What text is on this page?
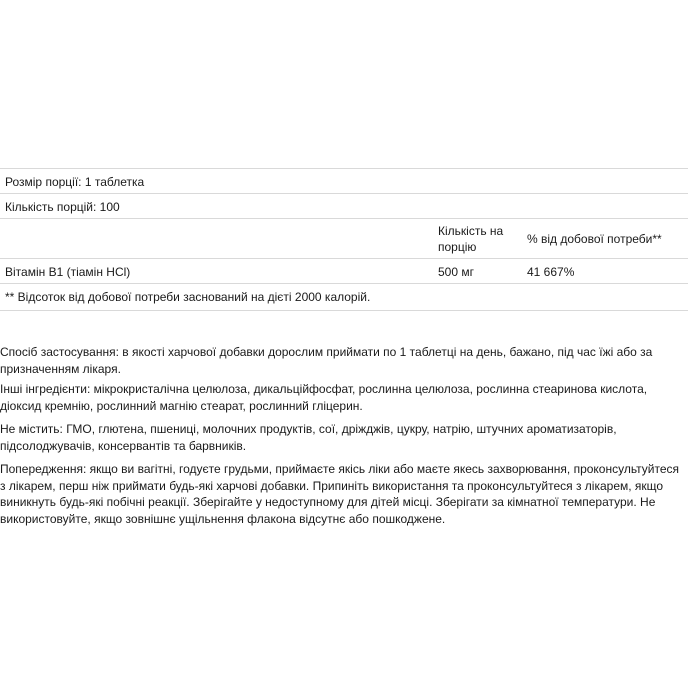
Розмір порції: 1 таблетка
Кількість порцій: 100
Кількість на порцію
% від добової потреби**
Вітамін B1 (тіамін HCl)	500 мг	41 667%
** Відсоток від добової потреби заснований на дієті 2000 калорій.
Спосіб застосування: в якості харчової добавки дорослим приймати по 1 таблетці на день, бажано, під час їжі або за призначенням лікаря.
Інші інгредієнти: мікрокристалічна целюлоза, дикальційфосфат, рослинна целюлоза, рослинна стеаринова кислота, діоксид кремнію, рослинний магнію стеарат, рослинний гліцерин.
Не містить: ГМО, глютена, пшениці, молочних продуктів, сої, дріжджів, цукру, натрію, штучних ароматизаторів, підсолоджувачів, консервантів та барвників.
Попередження: якщо ви вагітні, годуєте грудьми, приймаєте якісь ліки або маєте якесь захворювання, проконсультуйтеся з лікарем, перш ніж приймати будь-які харчові добавки. Припиніть використання та проконсультуйтеся з лікарем, якщо виникнуть будь-які побічні реакції. Зберігайте у недоступному для дітей місці. Зберігати за кімнатної температури. Не використовуйте, якщо зовнішнє ущільнення флакона відсутнє або пошкоджене.
